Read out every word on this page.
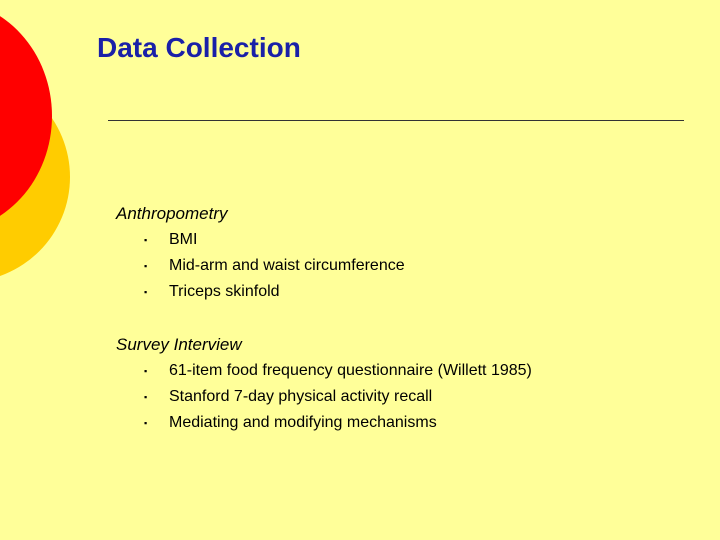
Data Collection
Anthropometry
▪ BMI
▪ Mid-arm and waist circumference
▪ Triceps skinfold
Survey Interview
▪ 61-item food frequency questionnaire (Willett 1985)
▪ Stanford 7-day physical activity recall
▪ Mediating and modifying mechanisms
